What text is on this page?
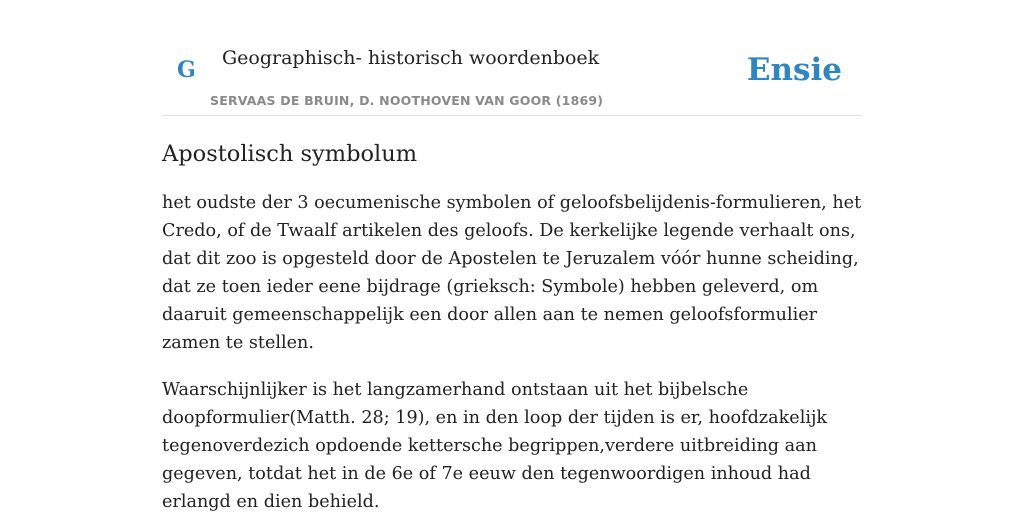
G Geographisch- historisch woordenboek
SERVAAS DE BRUIN, D. NOOTHOVEN VAN GOOR (1869)
Ensie
Apostolisch symbolum

het oudste der 3 oecumenische symbolen of geloofsbelijdenis-formulieren, het Credo, of de Twaalf artikelen des geloofs. De kerkelijke legende verhaalt ons, dat dit zoo is opgesteld door de Apostelen te Jeruzalem vóór hunne scheiding, dat ze toen ieder eene bijdrage (grieksch: Symbole) hebben geleverd, om daaruit gemeenschappelijk een door allen aan te nemen geloofsformulier zamen te stellen.

Waarschijnlijker is het langzamerhand ontstaan uit het bijbelsche doopformulier(Matth. 28; 19), en in den loop der tijden is er, hoofdzakelijk tegenoverdezich opdoende kettersche begrippen,verdere uitbreiding aan gegeven, totdat het in de 6e of 7e eeuw den tegenwoordigen inhoud had erlangd en dien behield.
